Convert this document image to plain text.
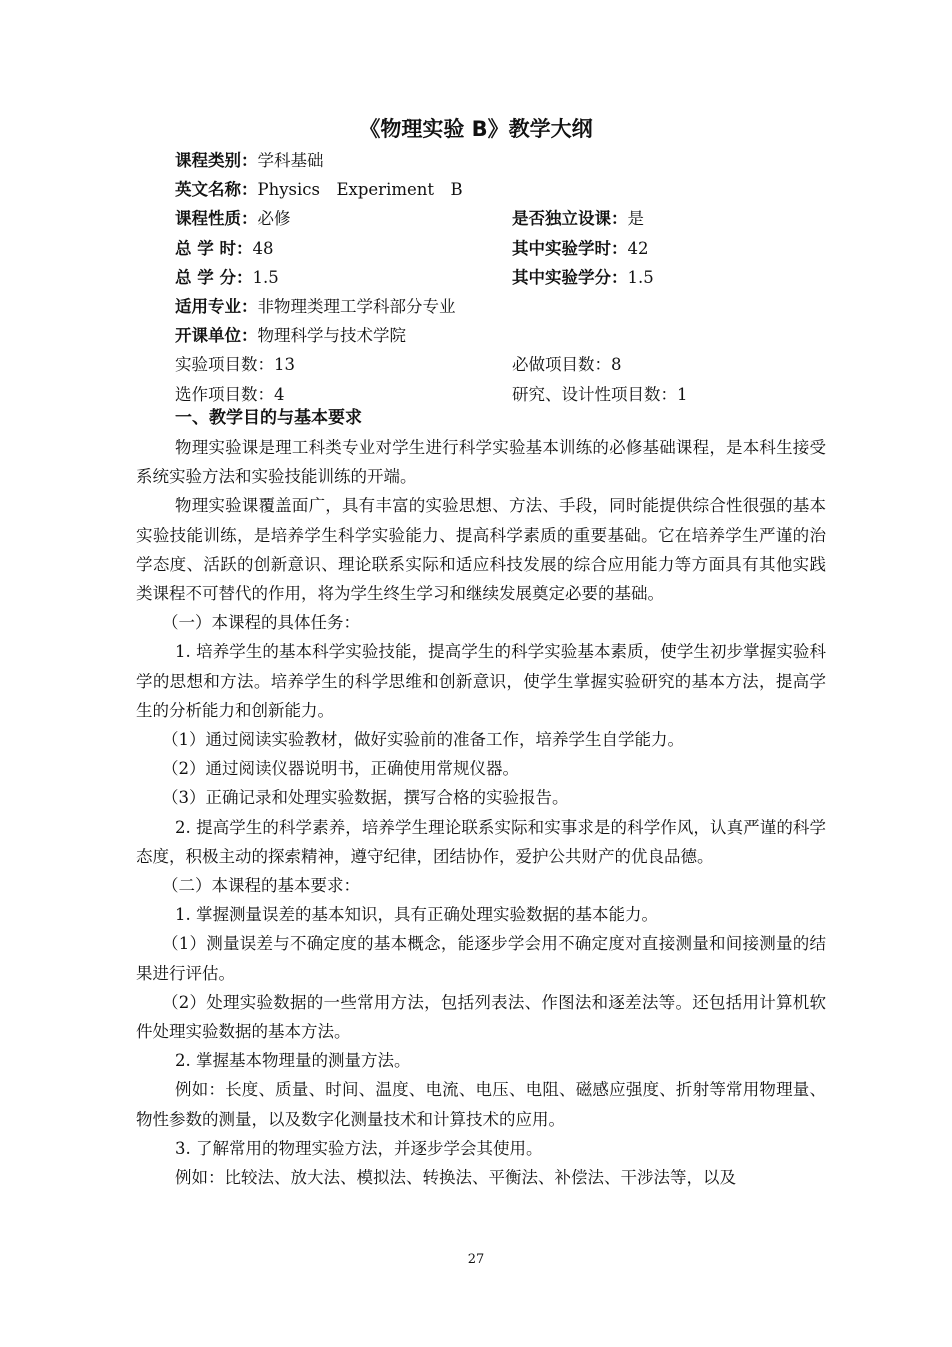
《物理实验 B》教学大纲
课程类别：学科基础
英文名称：Physics　Experiment　B
课程性质：必修	是否独立设课：是
总 学 时：48	其中实验学时：42
总 学 分：1.5	其中实验学分：1.5
适用专业：非物理类理工学科部分专业
开课单位：物理科学与技术学院
实验项目数：13	必做项目数：8
选作项目数：4	研究、设计性项目数：1
一、教学目的与基本要求

物理实验课是理工科类专业对学生进行科学实验基本训练的必修基础课程，是本科生接受系统实验方法和实验技能训练的开端。

物理实验课覆盖面广，具有丰富的实验思想、方法、手段，同时能提供综合性很强的基本实验技能训练，是培养学生科学实验能力、提高科学素质的重要基础。它在培养学生严谨的治学态度、活跃的创新意识、理论联系实际和适应科技发展的综合应用能力等方面具有其他实践类课程不可替代的作用，将为学生终生学习和继续发展奠定必要的基础。

（一）本课程的具体任务：

1. 培养学生的基本科学实验技能，提高学生的科学实验基本素质，使学生初步掌握实验科学的思想和方法。培养学生的科学思维和创新意识，使学生掌握实验研究的基本方法，提高学生的分析能力和创新能力。

（1）通过阅读实验教材，做好实验前的准备工作，培养学生自学能力。

（2）通过阅读仪器说明书，正确使用常规仪器。

（3）正确记录和处理实验数据，撰写合格的实验报告。

2. 提高学生的科学素养，培养学生理论联系实际和实事求是的科学作风，认真严谨的科学态度，积极主动的探索精神，遵守纪律，团结协作，爱护公共财产的优良品德。

（二）本课程的基本要求：

1. 掌握测量误差的基本知识，具有正确处理实验数据的基本能力。

（1）测量误差与不确定度的基本概念，能逐步学会用不确定度对直接测量和间接测量的结果进行评估。

（2）处理实验数据的一些常用方法，包括列表法、作图法和逐差法等。还包括用计算机软件处理实验数据的基本方法。

2. 掌握基本物理量的测量方法。

例如：长度、质量、时间、温度、电流、电压、电阻、磁感应强度、折射等常用物理量、物性参数的测量，以及数字化测量技术和计算技术的应用。

3. 了解常用的物理实验方法，并逐步学会其使用。

例如：比较法、放大法、模拟法、转换法、平衡法、补偿法、干涉法等，以及

27
